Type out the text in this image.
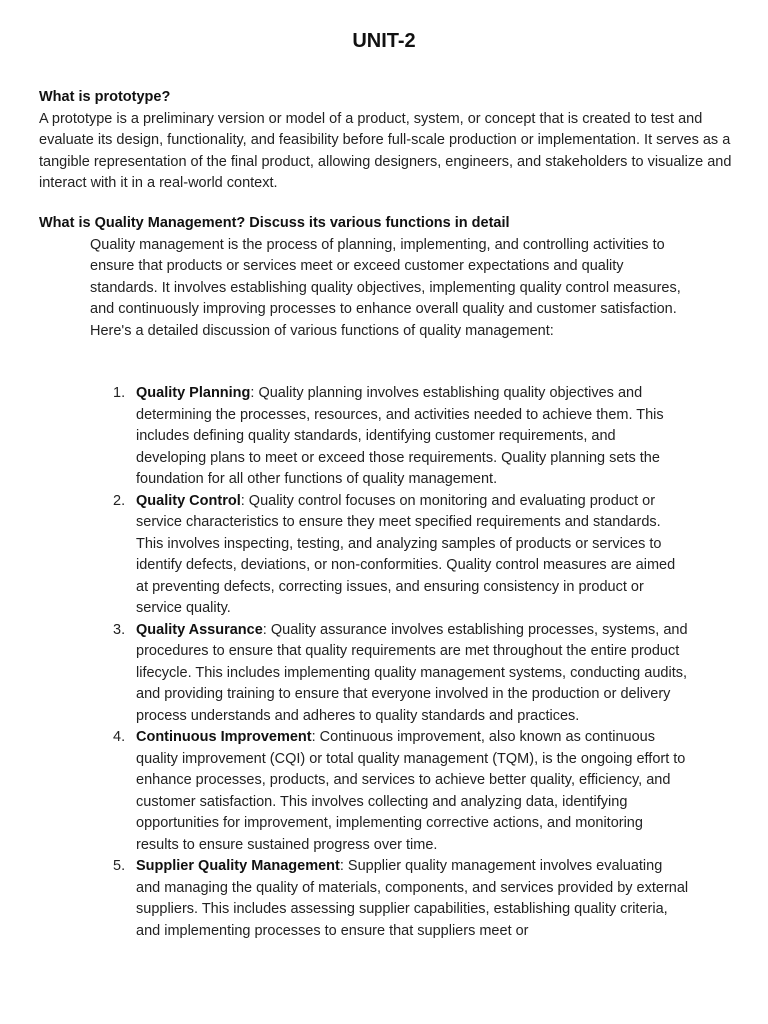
UNIT-2

What is prototype?

A prototype is a preliminary version or model of a product, system, or concept that is created to test and evaluate its design, functionality, and feasibility before full-scale production or implementation. It serves as a tangible representation of the final product, allowing designers, engineers, and stakeholders to visualize and interact with it in a real-world context.

What is Quality Management? Discuss its various functions in detail

Quality management is the process of planning, implementing, and controlling activities to ensure that products or services meet or exceed customer expectations and quality standards. It involves establishing quality objectives, implementing quality control measures, and continuously improving processes to enhance overall quality and customer satisfaction. Here's a detailed discussion of various functions of quality management:

1. Quality Planning: Quality planning involves establishing quality objectives and determining the processes, resources, and activities needed to achieve them. This includes defining quality standards, identifying customer requirements, and developing plans to meet or exceed those requirements. Quality planning sets the foundation for all other functions of quality management.
2. Quality Control: Quality control focuses on monitoring and evaluating product or service characteristics to ensure they meet specified requirements and standards. This involves inspecting, testing, and analyzing samples of products or services to identify defects, deviations, or non-conformities. Quality control measures are aimed at preventing defects, correcting issues, and ensuring consistency in product or service quality.
3. Quality Assurance: Quality assurance involves establishing processes, systems, and procedures to ensure that quality requirements are met throughout the entire product lifecycle. This includes implementing quality management systems, conducting audits, and providing training to ensure that everyone involved in the production or delivery process understands and adheres to quality standards and practices.
4. Continuous Improvement: Continuous improvement, also known as continuous quality improvement (CQI) or total quality management (TQM), is the ongoing effort to enhance processes, products, and services to achieve better quality, efficiency, and customer satisfaction. This involves collecting and analyzing data, identifying opportunities for improvement, implementing corrective actions, and monitoring results to ensure sustained progress over time.
5. Supplier Quality Management: Supplier quality management involves evaluating and managing the quality of materials, components, and services provided by external suppliers. This includes assessing supplier capabilities, establishing quality criteria, and implementing processes to ensure that suppliers meet or
